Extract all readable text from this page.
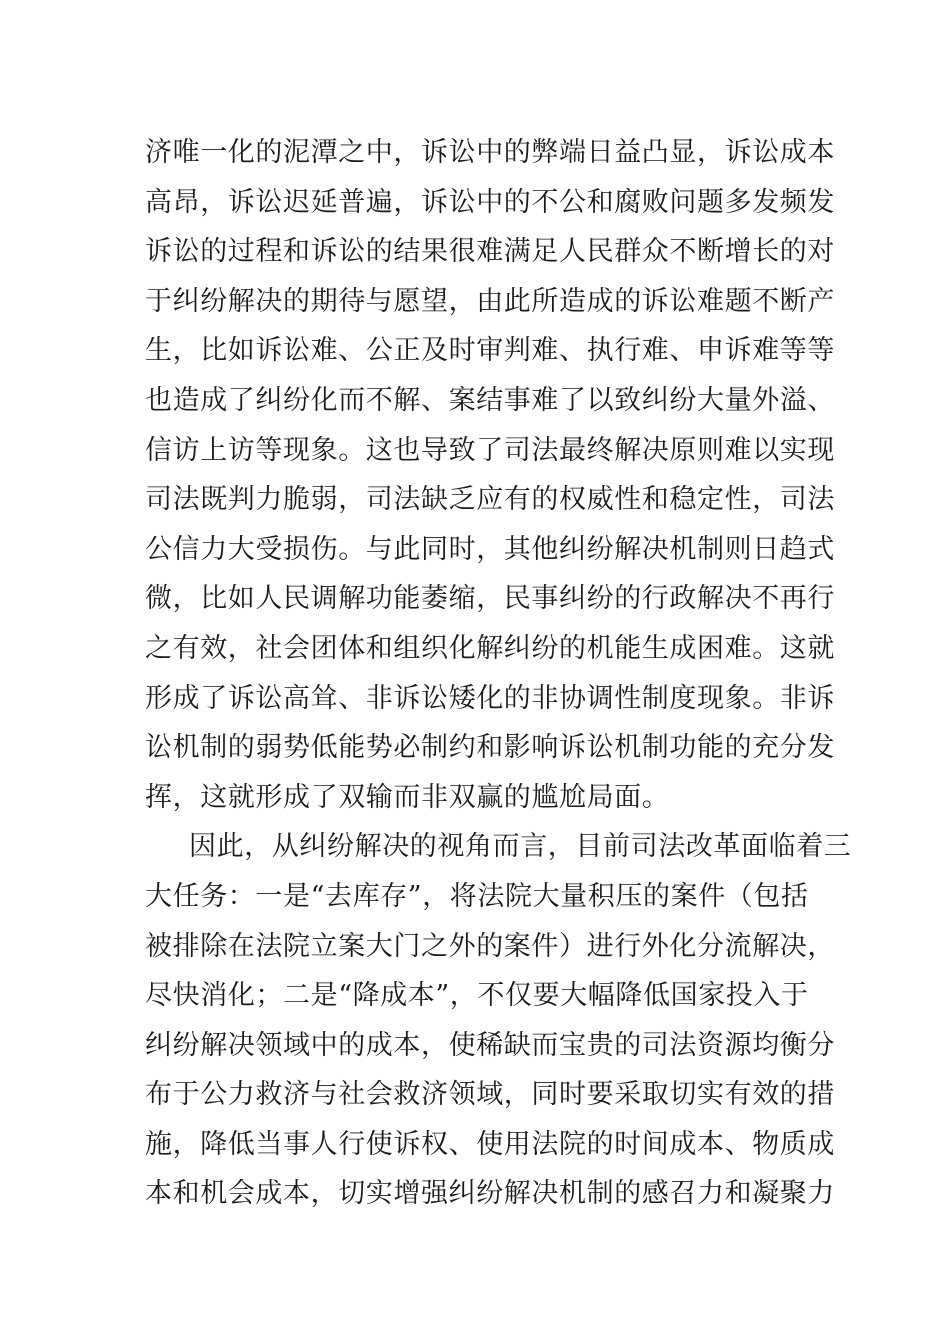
济唯一化的泥潭之中，诉讼中的弊端日益凸显，诉讼成本
高昂，诉讼迟延普遍，诉讼中的不公和腐败问题多发频发
诉讼的过程和诉讼的结果很难满足人民群众不断增长的对
于纠纷解决的期待与愿望，由此所造成的诉讼难题不断产
生，比如诉讼难、公正及时审判难、执行难、申诉难等等
也造成了纠纷化而不解、案结事难了以致纠纷大量外溢、
信访上访等现象。这也导致了司法最终解决原则难以实现
司法既判力脆弱，司法缺乏应有的权威性和稳定性，司法
公信力大受损伤。与此同时，其他纠纷解决机制则日趋式
微，比如人民调解功能萎缩，民事纠纷的行政解决不再行
之有效，社会团体和组织化解纠纷的机能生成困难。这就
形成了诉讼高耸、非诉讼矮化的非协调性制度现象。非诉
讼机制的弱势低能势必制约和影响诉讼机制功能的充分发
挥，这就形成了双输而非双赢的尴尬局面。
因此，从纠纷解决的视角而言，目前司法改革面临着三
大任务：一是“去库存”，将法院大量积压的案件（包括
被排除在法院立案大门之外的案件）进行外化分流解决，
尽快消化；二是“降成本”，不仅要大幅降低国家投入于
纠纷解决领域中的成本，使稀缺而宝贵的司法资源均衡分
布于公力救济与社会救济领域，同时要采取切实有效的措
施，降低当事人行使诉权、使用法院的时间成本、物质成
本和机会成本，切实增强纠纷解决机制的感召力和凝聚力
